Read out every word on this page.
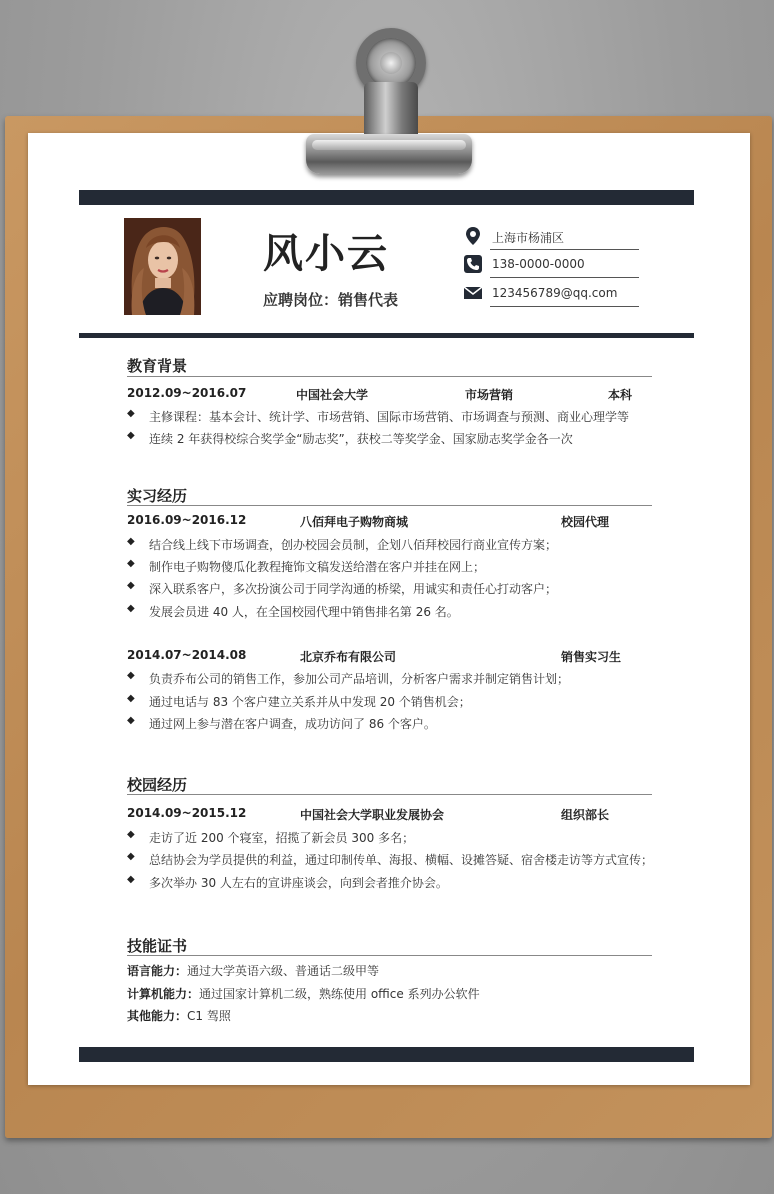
风小云
应聘岗位：销售代表
上海市杨浦区
138-0000-0000
123456789@qq.com
教育背景
2012.09~2016.07	中国社会大学	市场营销	本科
◆ 主修课程：基本会计、统计学、市场营销、国际市场营销、市场调查与预测、商业心理学等
◆ 连续 2 年获得校综合奖学金“励志奖”，获校二等奖学金、国家励志奖学金各一次
实习经历
2016.09~2016.12	八佰拜电子购物商城	校园代理
◆ 结合线上线下市场调查，创办校园会员制，企划八佰拜校园行商业宣传方案；
◆ 制作电子购物傻瓜化教程掩饰文稿发送给潜在客户并挂在网上；
◆ 深入联系客户，多次扮演公司于同学沟通的桥梁，用诚实和责任心打动客户；
◆ 发展会员进 40 人，在全国校园代理中销售排名第 26 名。
2014.07~2014.08	北京乔布有限公司	销售实习生
◆ 负责乔布公司的销售工作，参加公司产品培训，分析客户需求并制定销售计划；
◆ 通过电话与 83 个客户建立关系并从中发现 20 个销售机会；
◆ 通过网上参与潜在客户调查，成功访问了 86 个客户。
校园经历
2014.09~2015.12	中国社会大学职业发展协会	组织部长
◆ 走访了近 200 个寝室，招揽了新会员 300 多名；
◆ 总结协会为学员提供的利益，通过印制传单、海报、横幅、设摊答疑、宿舍楼走访等方式宣传；
◆ 多次举办 30 人左右的宣讲座谈会，向到会者推介协会。
技能证书
语言能力：通过大学英语六级、普通话二级甲等
计算机能力：通过国家计算机二级，熟练使用 office 系列办公软件
其他能力：C1 驾照
